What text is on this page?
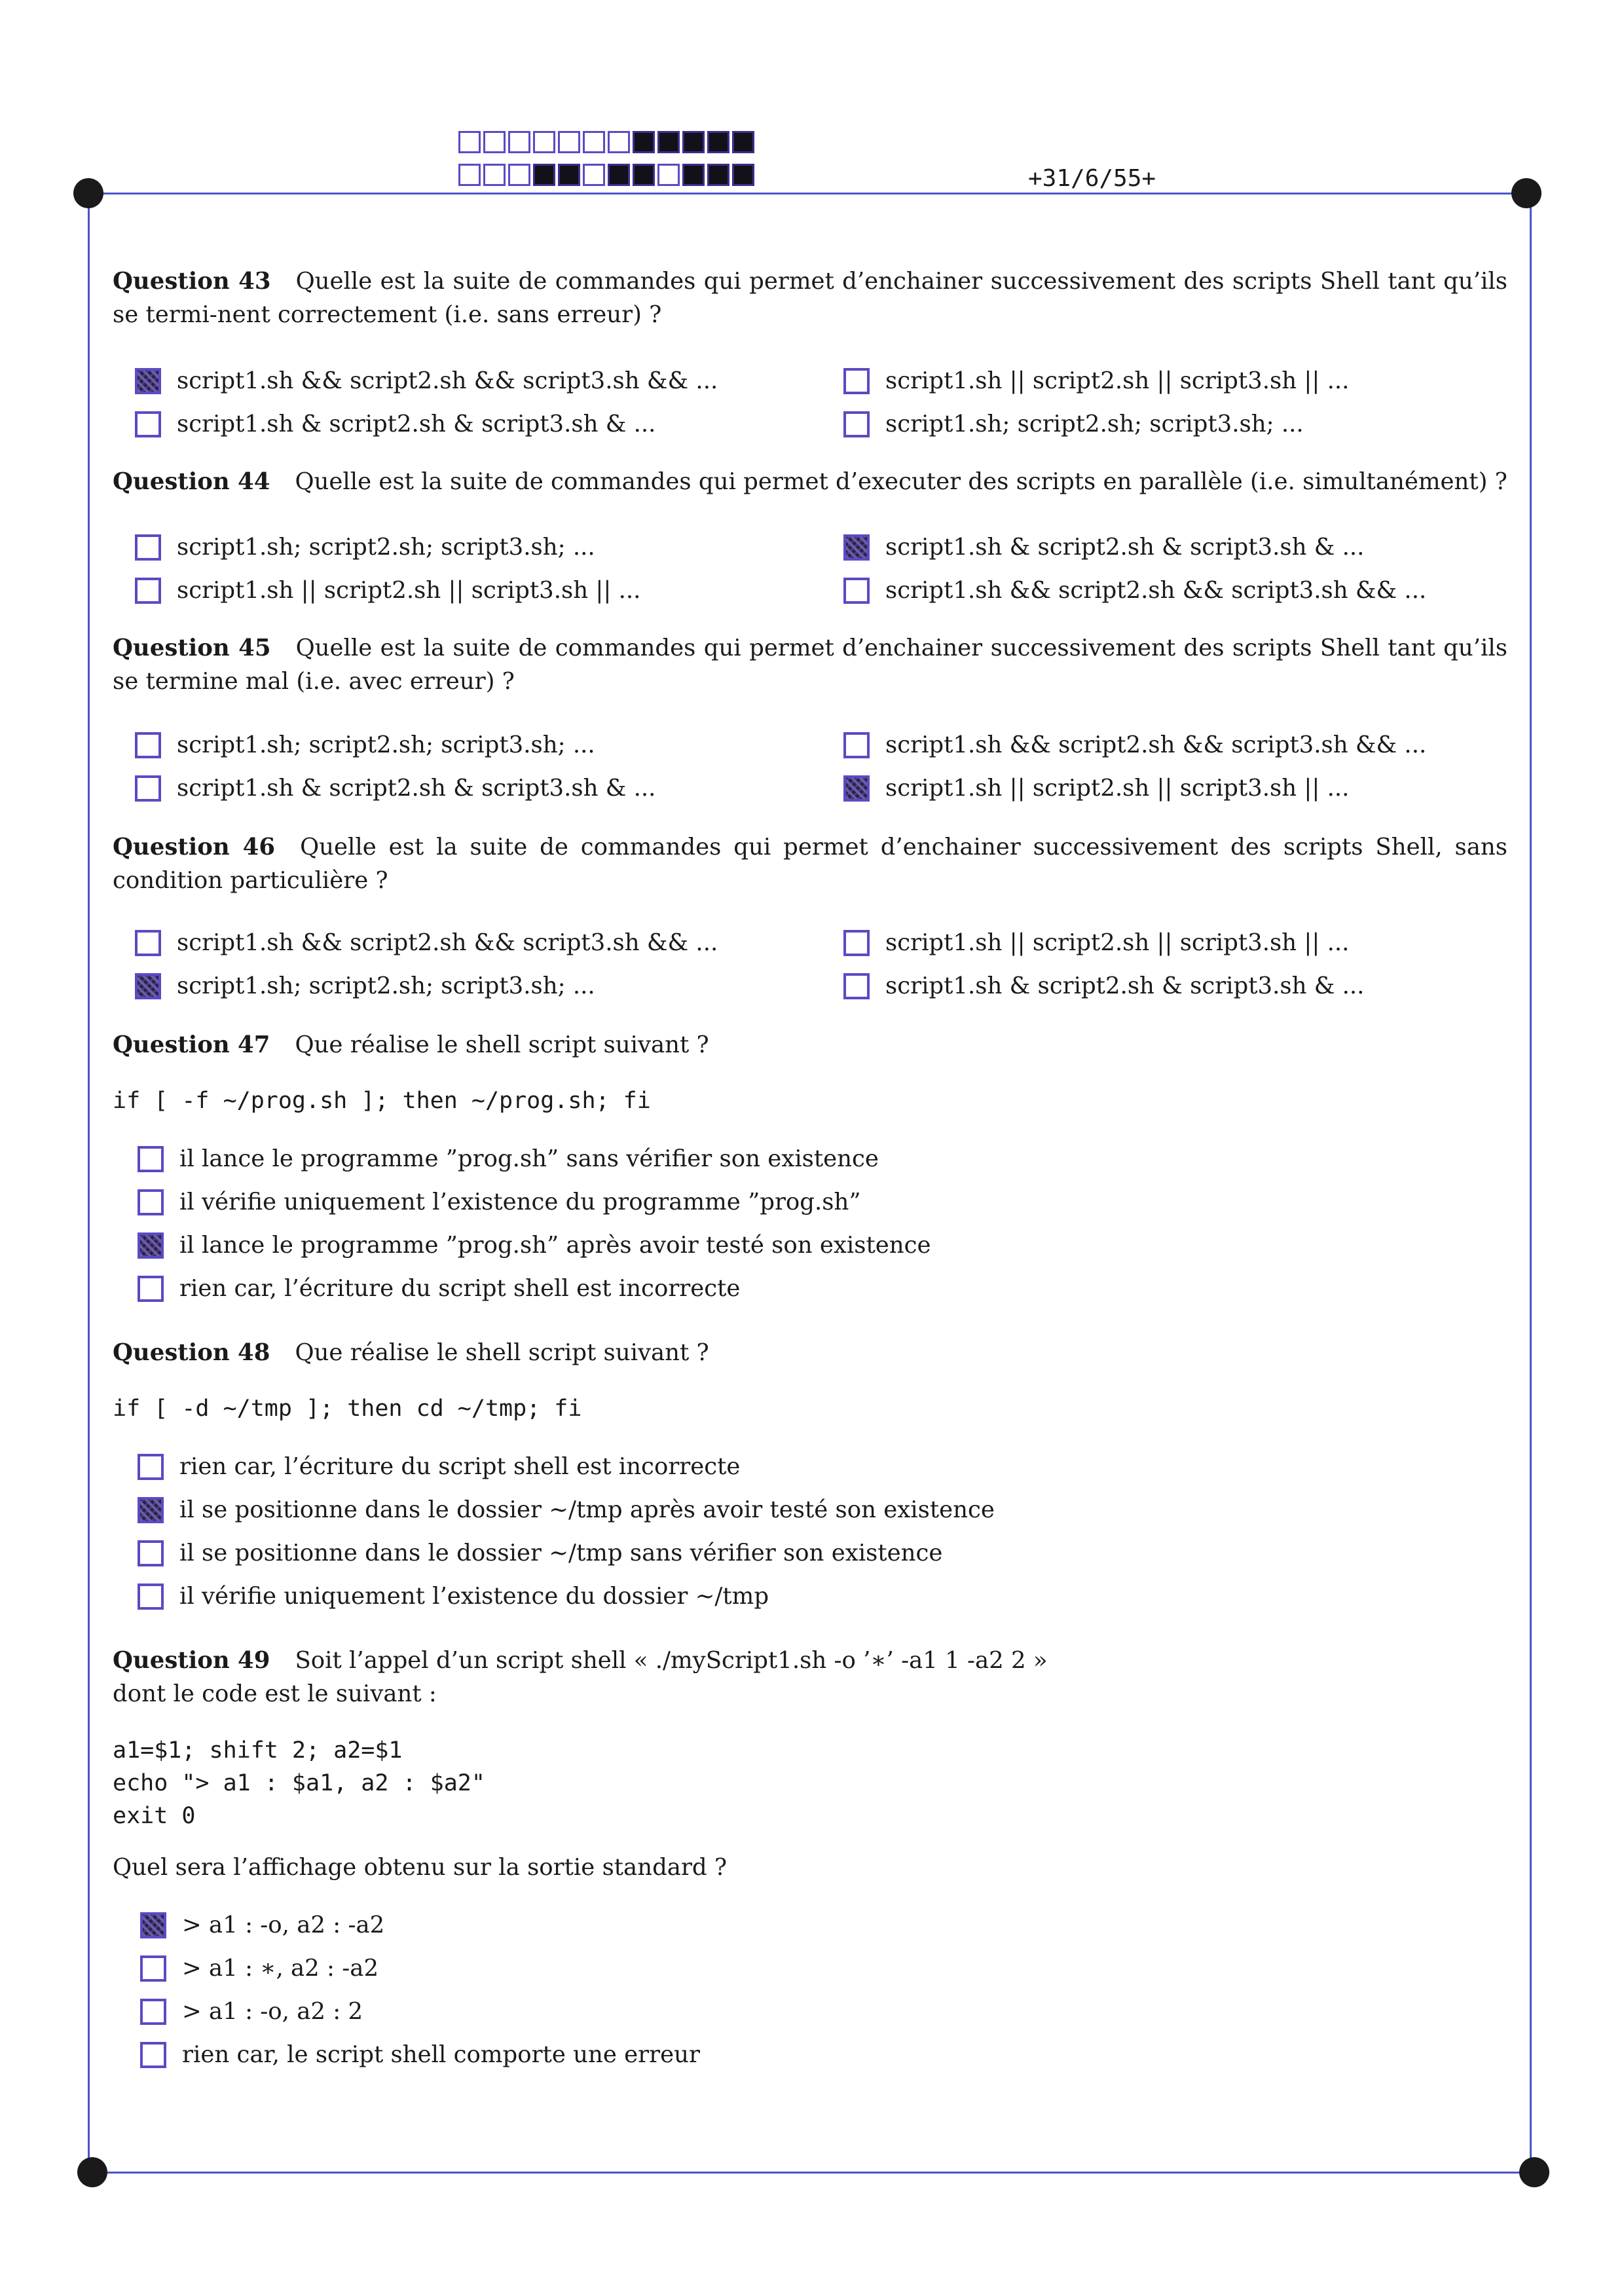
+31/6/55+
Question 43 Quelle est la suite de commandes qui permet d’enchainer successivement des scripts Shell tant qu’ils se termi-nent correctement (i.e. sans erreur) ?
script1.sh && script2.sh && script3.sh && ...	script1.sh || script2.sh || script3.sh || ...
script1.sh & script2.sh & script3.sh & ...	script1.sh; script2.sh; script3.sh; ...
Question 44 Quelle est la suite de commandes qui permet d’executer des scripts en parallèle (i.e. simultanément) ?
script1.sh; script2.sh; script3.sh; ...	script1.sh & script2.sh & script3.sh & ...
script1.sh || script2.sh || script3.sh || ...	script1.sh && script2.sh && script3.sh && ...
Question 45 Quelle est la suite de commandes qui permet d’enchainer successivement des scripts Shell tant qu’ils se termine mal (i.e. avec erreur) ?
script1.sh; script2.sh; script3.sh; ...	script1.sh && script2.sh && script3.sh && ...
script1.sh & script2.sh & script3.sh & ...	script1.sh || script2.sh || script3.sh || ...
Question 46 Quelle est la suite de commandes qui permet d’enchainer successivement des scripts Shell, sans condition particulière ?
script1.sh && script2.sh && script3.sh && ...	script1.sh || script2.sh || script3.sh || ...
script1.sh; script2.sh; script3.sh; ...	script1.sh & script2.sh & script3.sh & ...
Question 47 Que réalise le shell script suivant ?
if [ -f ~/prog.sh ]; then ~/prog.sh; fi
il lance le programme ”prog.sh” sans vérifier son existence
il vérifie uniquement l’existence du programme ”prog.sh”
il lance le programme ”prog.sh” après avoir testé son existence
rien car, l’écriture du script shell est incorrecte
Question 48 Que réalise le shell script suivant ?
if [ -d ~/tmp ]; then cd ~/tmp; fi
rien car, l’écriture du script shell est incorrecte
il se positionne dans le dossier ∼/tmp après avoir testé son existence
il se positionne dans le dossier ∼/tmp sans vérifier son existence
il vérifie uniquement l’existence du dossier ∼/tmp
Question 49 Soit l’appel d’un script shell « ./myScript1.sh -o ’∗’ -a1 1 -a2 2 »
dont le code est le suivant :
a1=$1; shift 2; a2=$1
echo "> a1 : $a1, a2 : $a2"
exit 0
Quel sera l’affichage obtenu sur la sortie standard ?
> a1 : -o, a2 : -a2
> a1 : ∗, a2 : -a2
> a1 : -o, a2 : 2
rien car, le script shell comporte une erreur
